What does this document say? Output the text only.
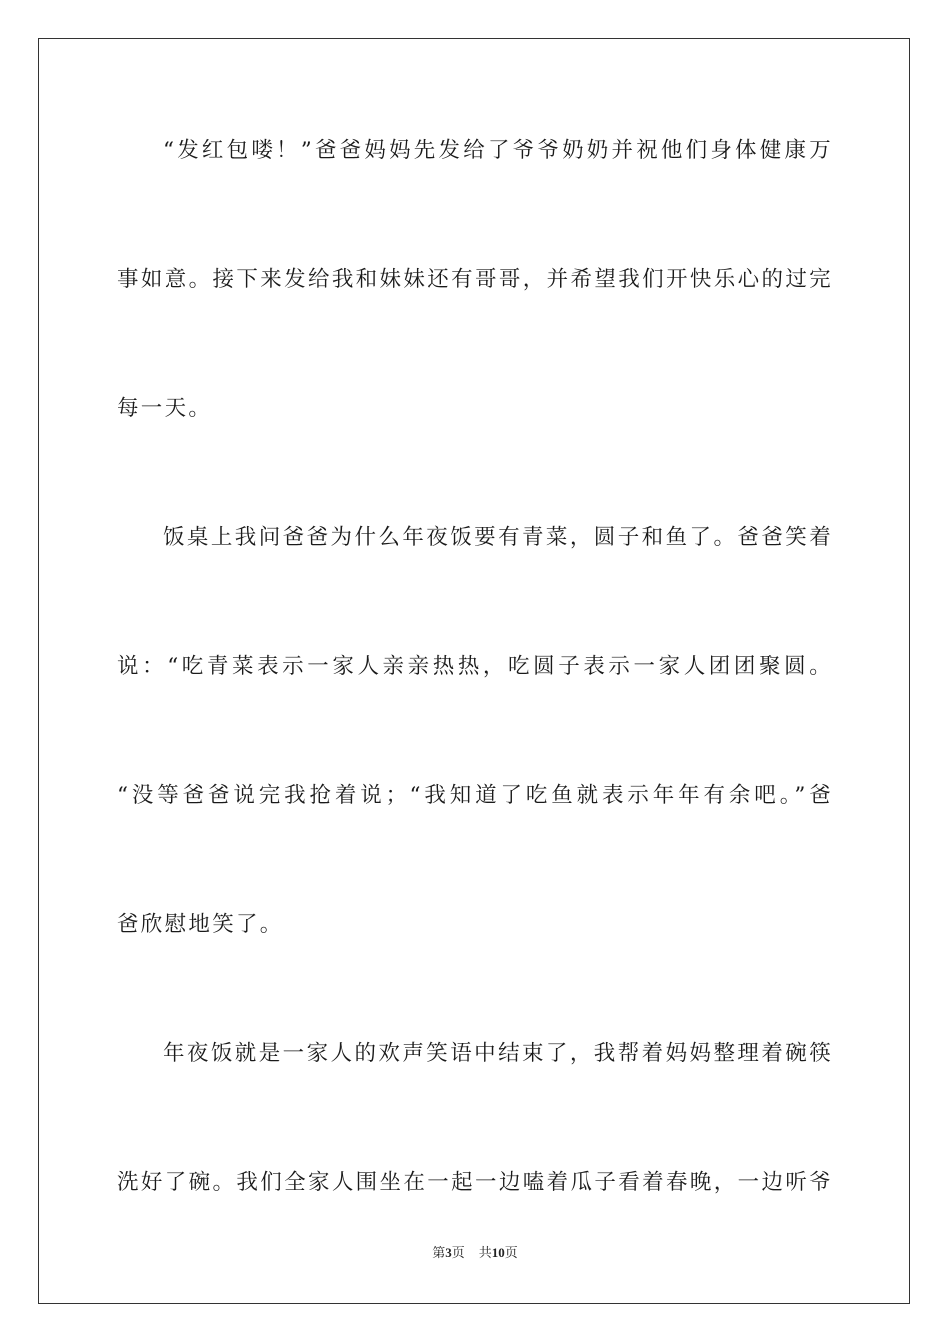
“发红包喽！”爸爸妈妈先发给了爷爷奶奶并祝他们身体健康万
事如意。接下来发给我和妹妹还有哥哥，并希望我们开快乐心的过完
每一天。
饭桌上我问爸爸为什么年夜饭要有青菜，圆子和鱼了。爸爸笑着
说：“吃青菜表示一家人亲亲热热，吃圆子表示一家人团团聚圆。
“没等爸爸说完我抢着说；“我知道了吃鱼就表示年年有余吧。”爸
爸欣慰地笑了。
年夜饭就是一家人的欢声笑语中结束了，我帮着妈妈整理着碗筷
洗好了碗。我们全家人围坐在一起一边嗑着瓜子看着春晚，一边听爷
第3页 共10页
